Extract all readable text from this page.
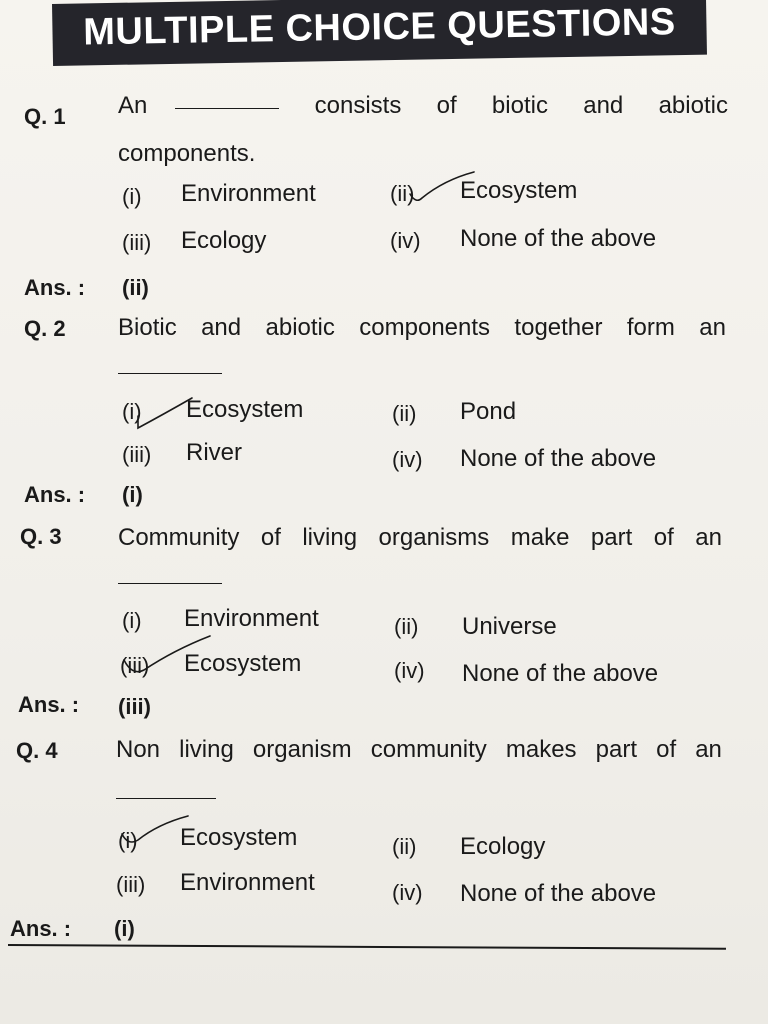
MULTIPLE CHOICE QUESTIONS
Q. 1 An	consists of biotic and abiotic
components.
(i) Environment	(ii) Ecosystem
(iii) Ecology	(iv) None of the above
Ans. : (ii)
Q. 2 Biotic and abiotic components together form an
(i) Ecosystem	(ii) Pond
(iii) River	(iv) None of the above
Ans. : (i)
Q. 3 Community of living organisms make part of an
(i) Environment	(ii) Universe
(iii) Ecosystem	(iv) None of the above
Ans. : (iii)
Q. 4 Non living organism community makes part of an
(i) Ecosystem	(ii) Ecology
(iii) Environment	(iv) None of the above
Ans. : (i)
